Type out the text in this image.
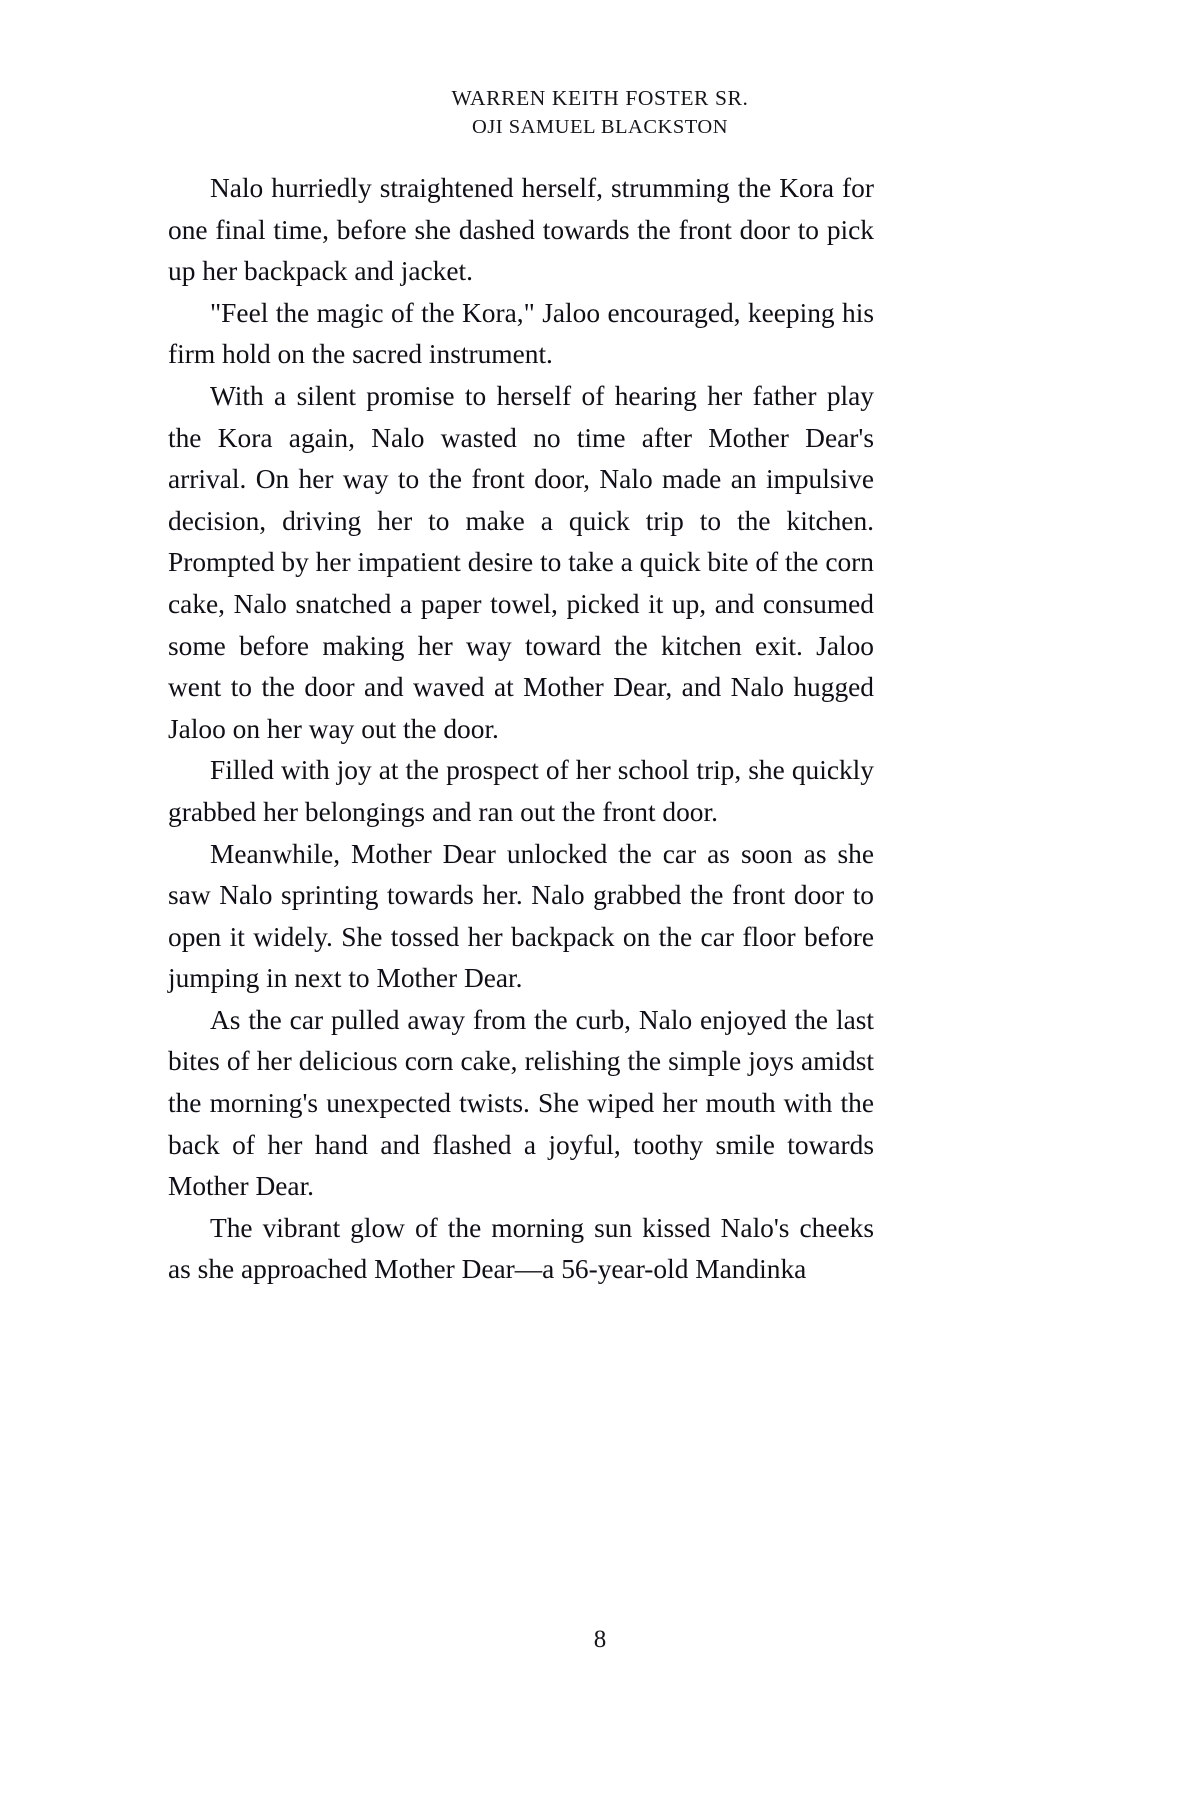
WARREN KEITH FOSTER SR.
OJI SAMUEL BLACKSTON

Nalo hurriedly straightened herself, strumming the Kora for one final time, before she dashed towards the front door to pick up her backpack and jacket.

"Feel the magic of the Kora," Jaloo encouraged, keeping his firm hold on the sacred instrument.

With a silent promise to herself of hearing her father play the Kora again, Nalo wasted no time after Mother Dear's arrival. On her way to the front door, Nalo made an impulsive decision, driving her to make a quick trip to the kitchen. Prompted by her impatient desire to take a quick bite of the corn cake, Nalo snatched a paper towel, picked it up, and consumed some before making her way toward the kitchen exit. Jaloo went to the door and waved at Mother Dear, and Nalo hugged Jaloo on her way out the door.

Filled with joy at the prospect of her school trip, she quickly grabbed her belongings and ran out the front door.

Meanwhile, Mother Dear unlocked the car as soon as she saw Nalo sprinting towards her. Nalo grabbed the front door to open it widely. She tossed her backpack on the car floor before jumping in next to Mother Dear.

As the car pulled away from the curb, Nalo enjoyed the last bites of her delicious corn cake, relishing the simple joys amidst the morning's unexpected twists. She wiped her mouth with the back of her hand and flashed a joyful, toothy smile towards Mother Dear.

The vibrant glow of the morning sun kissed Nalo's cheeks as she approached Mother Dear—a 56-year-old Mandinka

8
